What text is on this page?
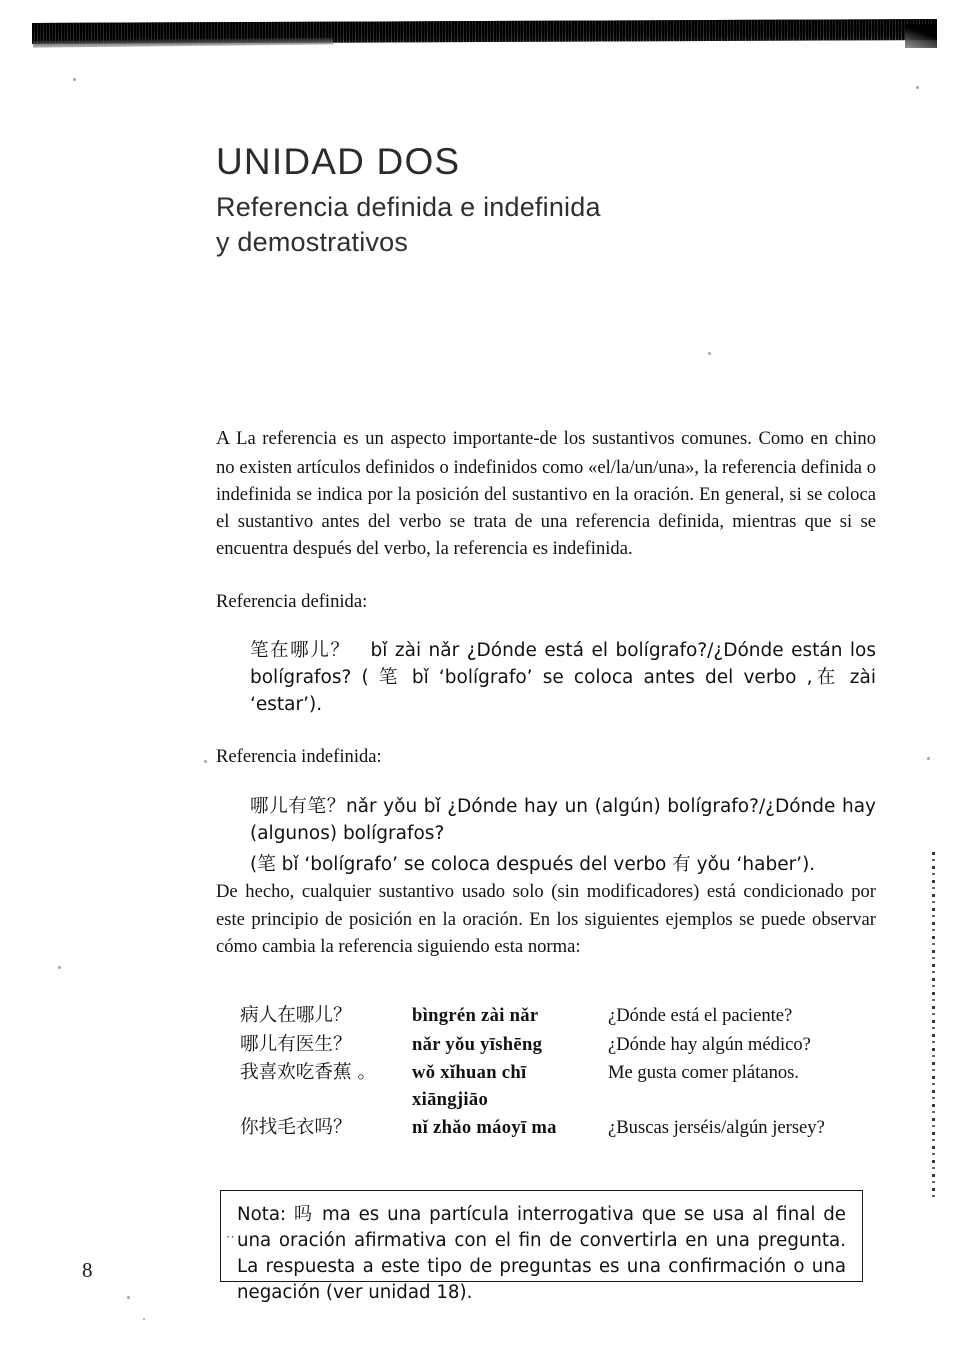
UNIDAD DOS
Referencia definida e indefinida
y demostrativos

A La referencia es un aspecto importante-de los sustantivos comunes. Como en chino no existen artículos definidos o indefinidos como «el/la/un/una», la referencia definida o indefinida se indica por la posición del sustantivo en la oración. En general, si se coloca el sustantivo antes del verbo se trata de una referencia definida, mientras que si se encuentra después del verbo, la referencia es indefinida.

Referencia definida:

笔在哪儿？　bǐ zài nǎr ¿Dónde está el bolígrafo?/¿Dónde están los bolígrafos? ( 笔 bǐ ‘bolígrafo’ se coloca antes del verbo ,在 zài ‘estar’).

Referencia indefinida:

哪儿有笔？nǎr yǒu bǐ ¿Dónde hay un (algún) bolígrafo?/¿Dónde hay (algunos) bolígrafos?

(笔 bǐ ‘bolígrafo’ se coloca después del verbo 有 yǒu ‘haber’).

De hecho, cualquier sustantivo usado solo (sin modificadores) está condicionado por este principio de posición en la oración. En los siguientes ejemplos se puede observar cómo cambia la referencia siguiendo esta norma:

病人在哪儿？	bìngrén zài nǎr	¿Dónde está el paciente?
哪儿有医生？	nǎr yǒu yīshēng	¿Dónde hay algún médico?
我喜欢吃香蕉 。	wǒ xǐhuan chī
xiāngjiāo	Me gusta comer plátanos.
你找毛衣吗？	nǐ zhǎo máoyī ma	¿Buscas jerséis/algún jersey?

Nota: 吗 ma es una partícula interrogativa que se usa al final de una oración afirmativa con el fin de convertirla en una pregunta. La respuesta a este tipo de preguntas es una confirmación o una negación (ver unidad 18).

··
8
